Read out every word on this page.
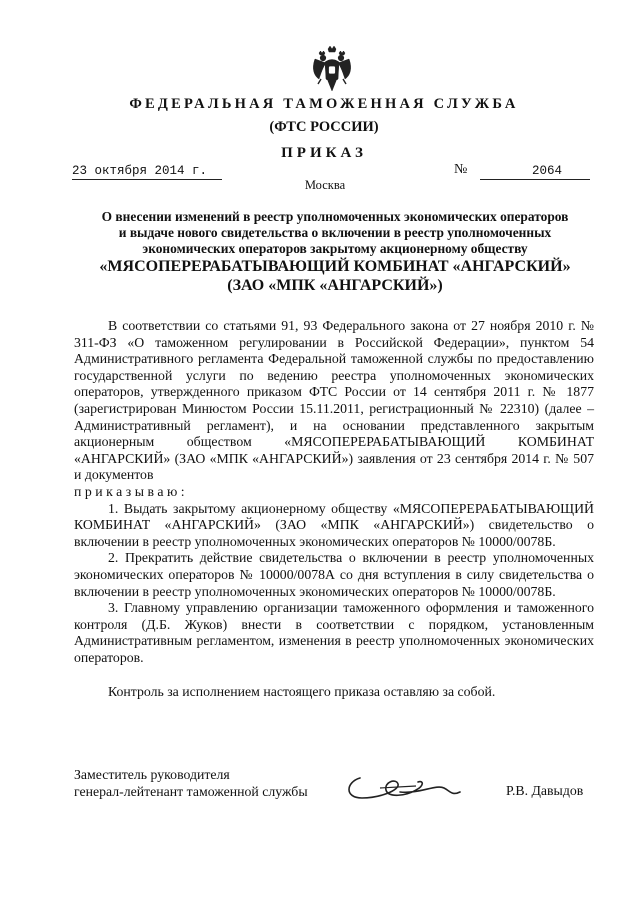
ФЕДЕРАЛЬНАЯ ТАМОЖЕННАЯ СЛУЖБА
(ФТС РОССИИ)
ПРИКАЗ
23 октября 2014 г.	№	2064
Москва
О внесении изменений в реестр уполномоченных экономических операторов
и выдаче нового свидетельства о включении в реестр уполномоченных
экономических операторов закрытому акционерному обществу
«МЯСОПЕРЕРАБАТЫВАЮЩИЙ КОМБИНАТ «АНГАРСКИЙ»
(ЗАО «МПК «АНГАРСКИЙ»)

В соответствии со статьями 91, 93 Федерального закона от 27 ноября 2010 г. № 311-ФЗ «О таможенном регулировании в Российской Федерации», пунктом 54 Административного регламента Федеральной таможенной службы по предоставлению государственной услуги по ведению реестра уполномоченных экономических операторов, утвержденного приказом ФТС России от 14 сентября 2011 г. № 1877 (зарегистрирован Минюстом России 15.11.2011, регистрационный № 22310) (далее – Административный регламент), и на основании представленного закрытым акционерным обществом «МЯСОПЕРЕРАБАТЫВАЮЩИЙ КОМБИНАТ «АНГАРСКИЙ» (ЗАО «МПК «АНГАРСКИЙ») заявления от 23 сентября 2014 г. № 507 и документов

приказываю:

1. Выдать закрытому акционерному обществу «МЯСОПЕРЕРАБАТЫВАЮЩИЙ КОМБИНАТ «АНГАРСКИЙ» (ЗАО «МПК «АНГАРСКИЙ») свидетельство о включении в реестр уполномоченных экономических операторов № 10000/0078Б.

2. Прекратить действие свидетельства о включении в реестр уполномоченных экономических операторов № 10000/0078А со дня вступления в силу свидетельства о включении в реестр уполномоченных экономических операторов № 10000/0078Б.

3. Главному управлению организации таможенного оформления и таможенного контроля (Д.Б. Жуков) внести в соответствии с порядком, установленным Административным регламентом, изменения в реестр уполномоченных экономических операторов.

Контроль за исполнением настоящего приказа оставляю за собой.

Заместитель руководителя
генерал-лейтенант таможенной службы	Р.В. Давыдов
